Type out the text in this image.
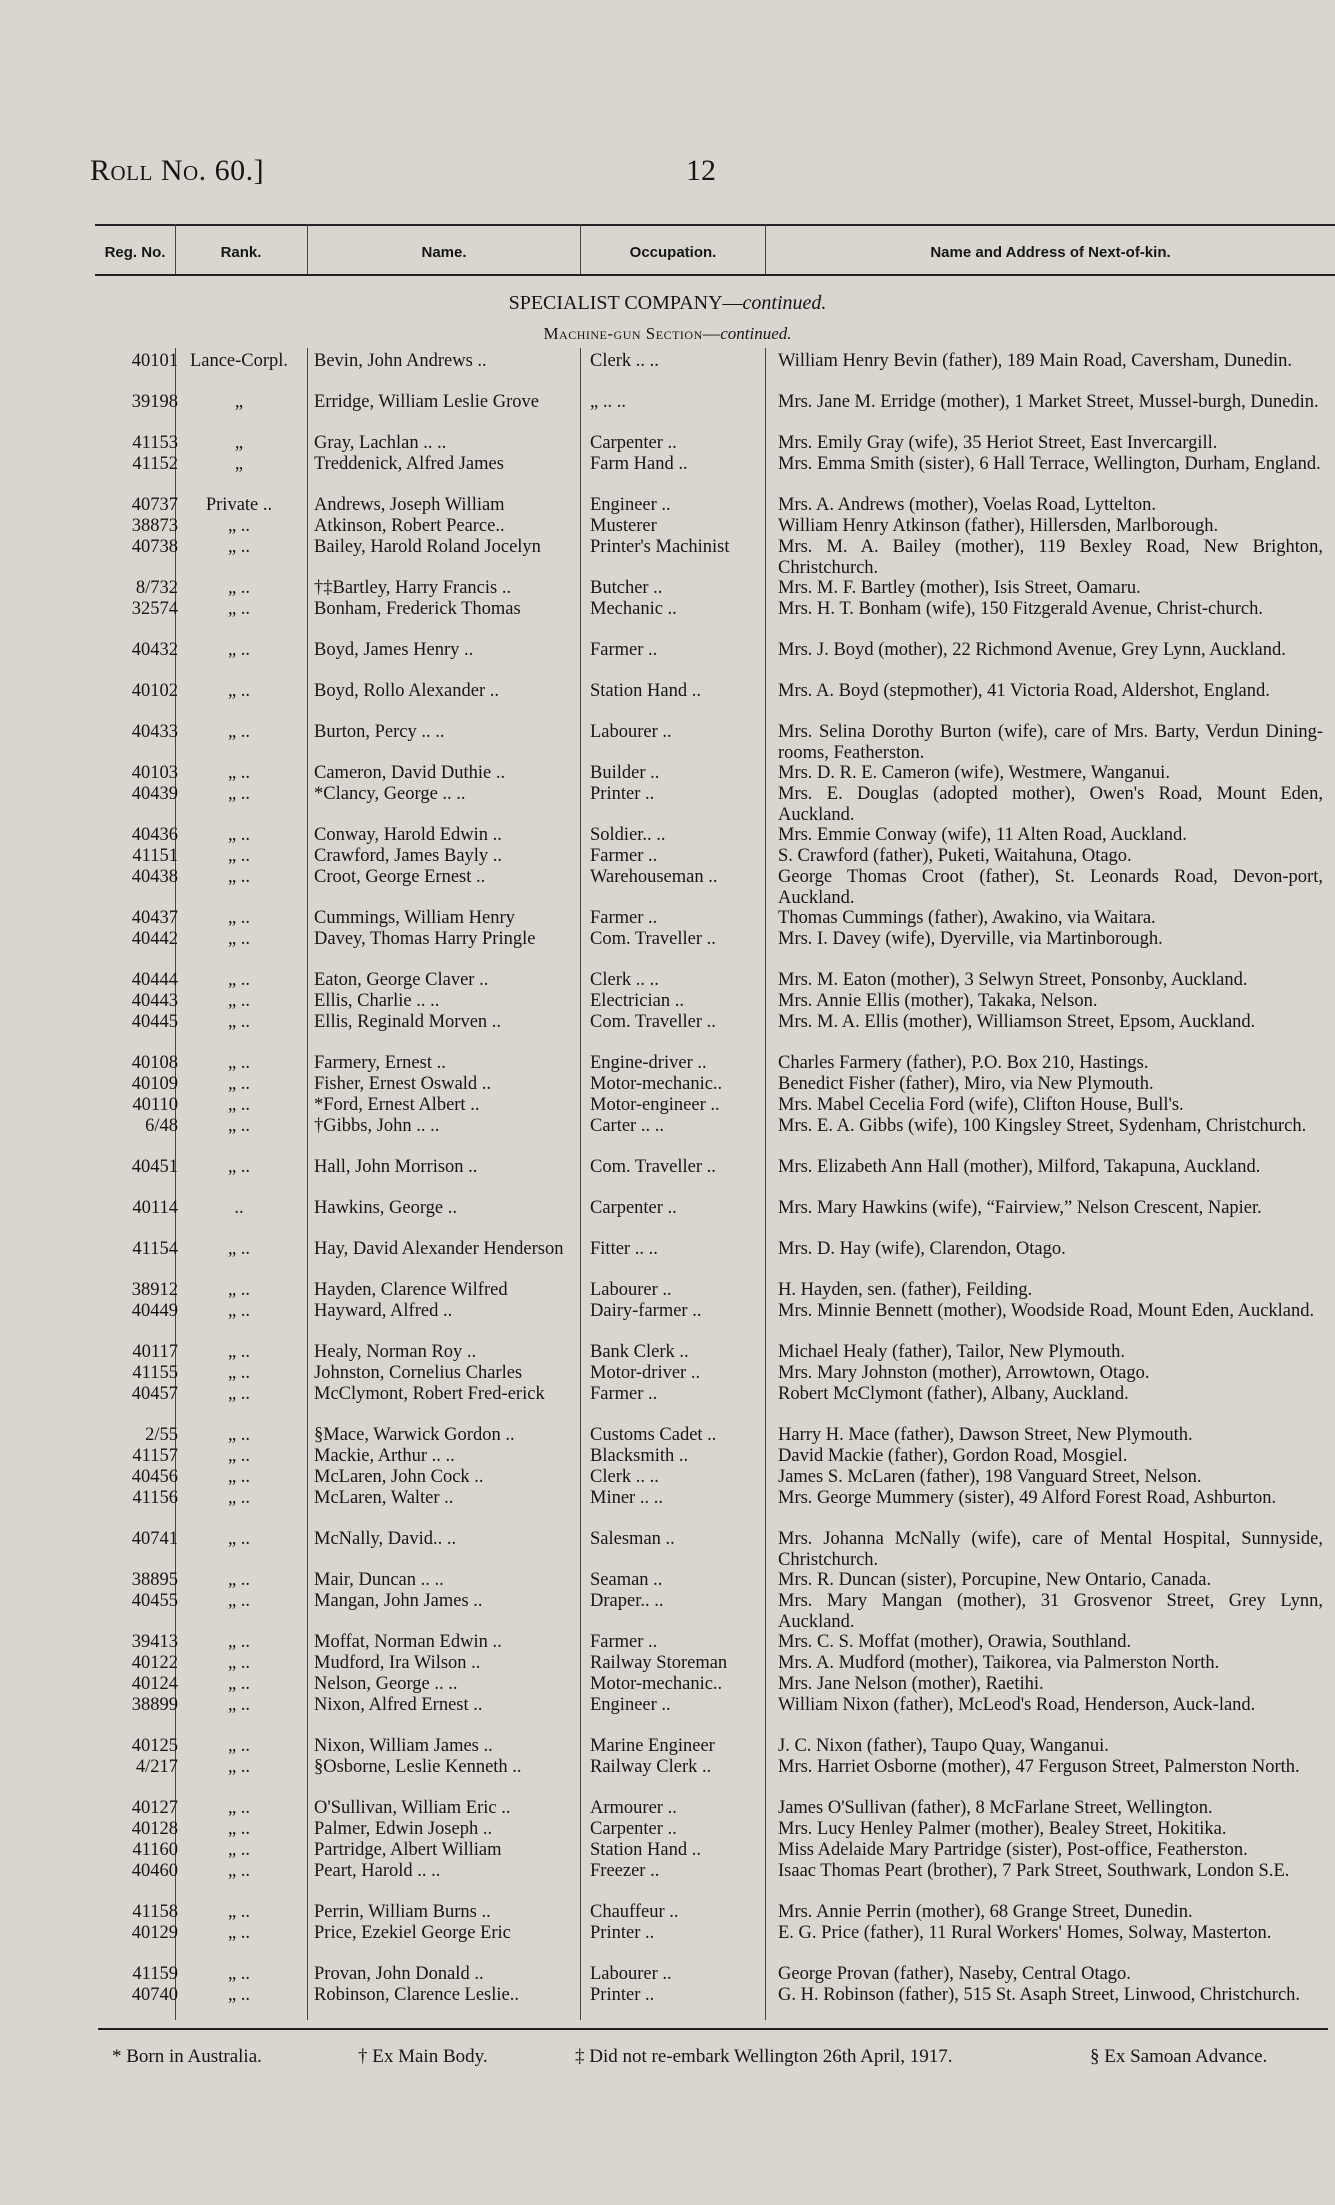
Roll No. 60.]	12
Reg. No.	Rank.	Name.	Occupation.	Name and Address of Next-of-kin.
SPECIALIST COMPANY—continued.
Machine-gun Section—continued.
40101 Lance-Corpl.	Bevin, John Andrews ..	Clerk .. ..	William Henry Bevin (father), 189 Main Road, Caversham, Dunedin.
39198	„	Erridge, William Leslie Grove	„ .. ..	Mrs. Jane M. Erridge (mother), 1 Market Street, Mussel-burgh, Dunedin.
41153	„	Gray, Lachlan .. ..	Carpenter ..	Mrs. Emily Gray (wife), 35 Heriot Street, East Invercargill.
41152	„	Treddenick, Alfred James	Farm Hand ..	Mrs. Emma Smith (sister), 6 Hall Terrace, Wellington, Durham, England.
40737	Private ..	Andrews, Joseph William	Engineer ..	Mrs. A. Andrews (mother), Voelas Road, Lyttelton.
38873	„ ..	Atkinson, Robert Pearce..	Musterer	William Henry Atkinson (father), Hillersden, Marlborough.
40738	„ ..	Bailey, Harold Roland Jocelyn	Printer's Machinist	Mrs. M. A. Bailey (mother), 119 Bexley Road, New Brighton, Christchurch.
8/732	„ ..	†‡Bartley, Harry Francis ..	Butcher ..	Mrs. M. F. Bartley (mother), Isis Street, Oamaru.
32574	„ ..	Bonham, Frederick Thomas	Mechanic ..	Mrs. H. T. Bonham (wife), 150 Fitzgerald Avenue, Christ-church.
40432	„ ..	Boyd, James Henry ..	Farmer ..	Mrs. J. Boyd (mother), 22 Richmond Avenue, Grey Lynn, Auckland.
40102	„ ..	Boyd, Rollo Alexander ..	Station Hand ..	Mrs. A. Boyd (stepmother), 41 Victoria Road, Aldershot, England.
40433	„ ..	Burton, Percy .. ..	Labourer ..	Mrs. Selina Dorothy Burton (wife), care of Mrs. Barty, Verdun Dining-rooms, Featherston.
40103	„ ..	Cameron, David Duthie ..	Builder ..	Mrs. D. R. E. Cameron (wife), Westmere, Wanganui.
40439	„ ..	*Clancy, George .. ..	Printer ..	Mrs. E. Douglas (adopted mother), Owen's Road, Mount Eden, Auckland.
40436	„ ..	Conway, Harold Edwin ..	Soldier.. ..	Mrs. Emmie Conway (wife), 11 Alten Road, Auckland.
41151	„ ..	Crawford, James Bayly ..	Farmer ..	S. Crawford (father), Puketi, Waitahuna, Otago.
40438	„ ..	Croot, George Ernest ..	Warehouseman ..	George Thomas Croot (father), St. Leonards Road, Devon-port, Auckland.
40437	„ ..	Cummings, William Henry	Farmer ..	Thomas Cummings (father), Awakino, via Waitara.
40442	„ ..	Davey, Thomas Harry Pringle	Com. Traveller ..	Mrs. I. Davey (wife), Dyerville, via Martinborough.
40444	„ ..	Eaton, George Claver ..	Clerk .. ..	Mrs. M. Eaton (mother), 3 Selwyn Street, Ponsonby, Auckland.
40443	„ ..	Ellis, Charlie .. ..	Electrician ..	Mrs. Annie Ellis (mother), Takaka, Nelson.
40445	„ ..	Ellis, Reginald Morven ..	Com. Traveller ..	Mrs. M. A. Ellis (mother), Williamson Street, Epsom, Auckland.
40108	„ ..	Farmery, Ernest ..	Engine-driver ..	Charles Farmery (father), P.O. Box 210, Hastings.
40109	„ ..	Fisher, Ernest Oswald ..	Motor-mechanic..	Benedict Fisher (father), Miro, via New Plymouth.
40110	„ ..	*Ford, Ernest Albert ..	Motor-engineer ..	Mrs. Mabel Cecelia Ford (wife), Clifton House, Bull's.
6/48	„ ..	†Gibbs, John .. ..	Carter .. ..	Mrs. E. A. Gibbs (wife), 100 Kingsley Street, Sydenham, Christchurch.
40451	„ ..	Hall, John Morrison ..	Com. Traveller ..	Mrs. Elizabeth Ann Hall (mother), Milford, Takapuna, Auckland.
40114	..	Hawkins, George ..	Carpenter ..	Mrs. Mary Hawkins (wife), “Fairview,” Nelson Crescent, Napier.
41154	„ ..	Hay, David Alexander Henderson	Fitter .. ..	Mrs. D. Hay (wife), Clarendon, Otago.
38912	„ ..	Hayden, Clarence Wilfred	Labourer ..	H. Hayden, sen. (father), Feilding.
40449	„ ..	Hayward, Alfred ..	Dairy-farmer ..	Mrs. Minnie Bennett (mother), Woodside Road, Mount Eden, Auckland.
40117	„ ..	Healy, Norman Roy ..	Bank Clerk ..	Michael Healy (father), Tailor, New Plymouth.
41155	„ ..	Johnston, Cornelius Charles	Motor-driver ..	Mrs. Mary Johnston (mother), Arrowtown, Otago.
40457	„ ..	McClymont, Robert Fred-erick	Farmer ..	Robert McClymont (father), Albany, Auckland.
2/55	„ ..	§Mace, Warwick Gordon ..	Customs Cadet ..	Harry H. Mace (father), Dawson Street, New Plymouth.
41157	„ ..	Mackie, Arthur .. ..	Blacksmith ..	David Mackie (father), Gordon Road, Mosgiel.
40456	„ ..	McLaren, John Cock ..	Clerk .. ..	James S. McLaren (father), 198 Vanguard Street, Nelson.
41156	„ ..	McLaren, Walter ..	Miner .. ..	Mrs. George Mummery (sister), 49 Alford Forest Road, Ashburton.
40741	„ ..	McNally, David.. ..	Salesman ..	Mrs. Johanna McNally (wife), care of Mental Hospital, Sunnyside, Christchurch.
38895	„ ..	Mair, Duncan .. ..	Seaman ..	Mrs. R. Duncan (sister), Porcupine, New Ontario, Canada.
40455	„ ..	Mangan, John James ..	Draper.. ..	Mrs. Mary Mangan (mother), 31 Grosvenor Street, Grey Lynn, Auckland.
39413	„ ..	Moffat, Norman Edwin ..	Farmer ..	Mrs. C. S. Moffat (mother), Orawia, Southland.
40122	„ ..	Mudford, Ira Wilson ..	Railway Storeman	Mrs. A. Mudford (mother), Taikorea, via Palmerston North.
40124	„ ..	Nelson, George .. ..	Motor-mechanic..	Mrs. Jane Nelson (mother), Raetihi.
38899	„ ..	Nixon, Alfred Ernest ..	Engineer ..	William Nixon (father), McLeod's Road, Henderson, Auck-land.
40125	„ ..	Nixon, William James ..	Marine Engineer	J. C. Nixon (father), Taupo Quay, Wanganui.
4/217	„ ..	§Osborne, Leslie Kenneth ..	Railway Clerk ..	Mrs. Harriet Osborne (mother), 47 Ferguson Street, Palmerston North.
40127	„ ..	O'Sullivan, William Eric ..	Armourer ..	James O'Sullivan (father), 8 McFarlane Street, Wellington.
40128	„ ..	Palmer, Edwin Joseph ..	Carpenter ..	Mrs. Lucy Henley Palmer (mother), Bealey Street, Hokitika.
41160	„ ..	Partridge, Albert William	Station Hand ..	Miss Adelaide Mary Partridge (sister), Post-office, Featherston.
40460	„ ..	Peart, Harold .. ..	Freezer ..	Isaac Thomas Peart (brother), 7 Park Street, Southwark, London S.E.
41158	„ ..	Perrin, William Burns ..	Chauffeur ..	Mrs. Annie Perrin (mother), 68 Grange Street, Dunedin.
40129	„ ..	Price, Ezekiel George Eric	Printer ..	E. G. Price (father), 11 Rural Workers' Homes, Solway, Masterton.
41159	„ ..	Provan, John Donald ..	Labourer ..	George Provan (father), Naseby, Central Otago.
40740	„ ..	Robinson, Clarence Leslie..	Printer ..	G. H. Robinson (father), 515 St. Asaph Street, Linwood, Christchurch.
* Born in Australia.	† Ex Main Body.	‡ Did not re-embark Wellington 26th April, 1917.	§ Ex Samoan Advance.
